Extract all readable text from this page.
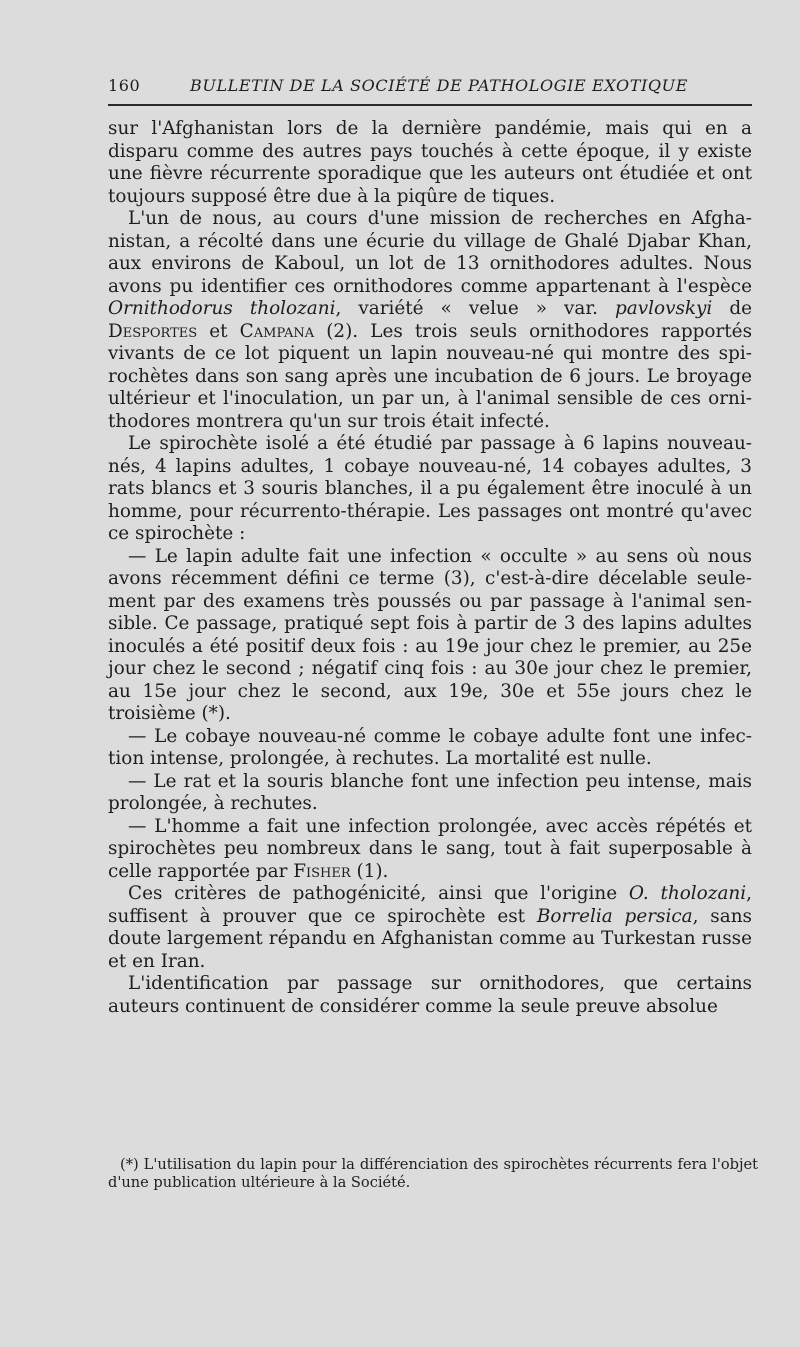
160	BULLETIN DE LA SOCIÉTÉ DE PATHOLOGIE EXOTIQUE

sur l'Afghanistan lors de la dernière pandémie, mais qui en a disparu comme des autres pays touchés à cette époque, il y existe une fièvre récurrente sporadique que les auteurs ont étudiée et ont toujours supposé être due à la piqûre de tiques.

L'un de nous, au cours d'une mission de recherches en Afghanistan, a récolté dans une écurie du village de Ghalé Djabar Khan, aux environs de Kaboul, un lot de 13 ornithodores adultes. Nous avons pu identifier ces ornithodores comme appartenant à l'espèce Ornithodorus tholozani, variété « velue » var. pavlovskyi de Desportes et Campana (2). Les trois seuls ornithodores rapportés vivants de ce lot piquent un lapin nouveau-né qui montre des spirochètes dans son sang après une incubation de 6 jours. Le broyage ultérieur et l'inoculation, un par un, à l'animal sensible de ces ornithodores montrera qu'un sur trois était infecté.

Le spirochète isolé a été étudié par passage à 6 lapins nouveau-nés, 4 lapins adultes, 1 cobaye nouveau-né, 14 cobayes adultes, 3 rats blancs et 3 souris blanches, il a pu également être inoculé à un homme, pour récurrento-thérapie. Les passages ont montré qu'avec ce spirochète :

— Le lapin adulte fait une infection « occulte » au sens où nous avons récemment défini ce terme (3), c'est-à-dire décelable seulement par des examens très poussés ou par passage à l'animal sensible. Ce passage, pratiqué sept fois à partir de 3 des lapins adultes inoculés a été positif deux fois : au 19e jour chez le premier, au 25e jour chez le second ; négatif cinq fois : au 30e jour chez le premier, au 15e jour chez le second, aux 19e, 30e et 55e jours chez le troisième (*).

— Le cobaye nouveau-né comme le cobaye adulte font une infection intense, prolongée, à rechutes. La mortalité est nulle.

— Le rat et la souris blanche font une infection peu intense, mais prolongée, à rechutes.

— L'homme a fait une infection prolongée, avec accès répétés et spirochètes peu nombreux dans le sang, tout à fait superposable à celle rapportée par Fisher (1).

Ces critères de pathogénicité, ainsi que l'origine O. tholozani, suffisent à prouver que ce spirochète est Borrelia persica, sans doute largement répandu en Afghanistan comme au Turkestan russe et en Iran.

L'identification par passage sur ornithodores, que certains auteurs continuent de considérer comme la seule preuve absolue

(*) L'utilisation du lapin pour la différenciation des spirochètes récurrents fera l'objet d'une publication ultérieure à la Société.
